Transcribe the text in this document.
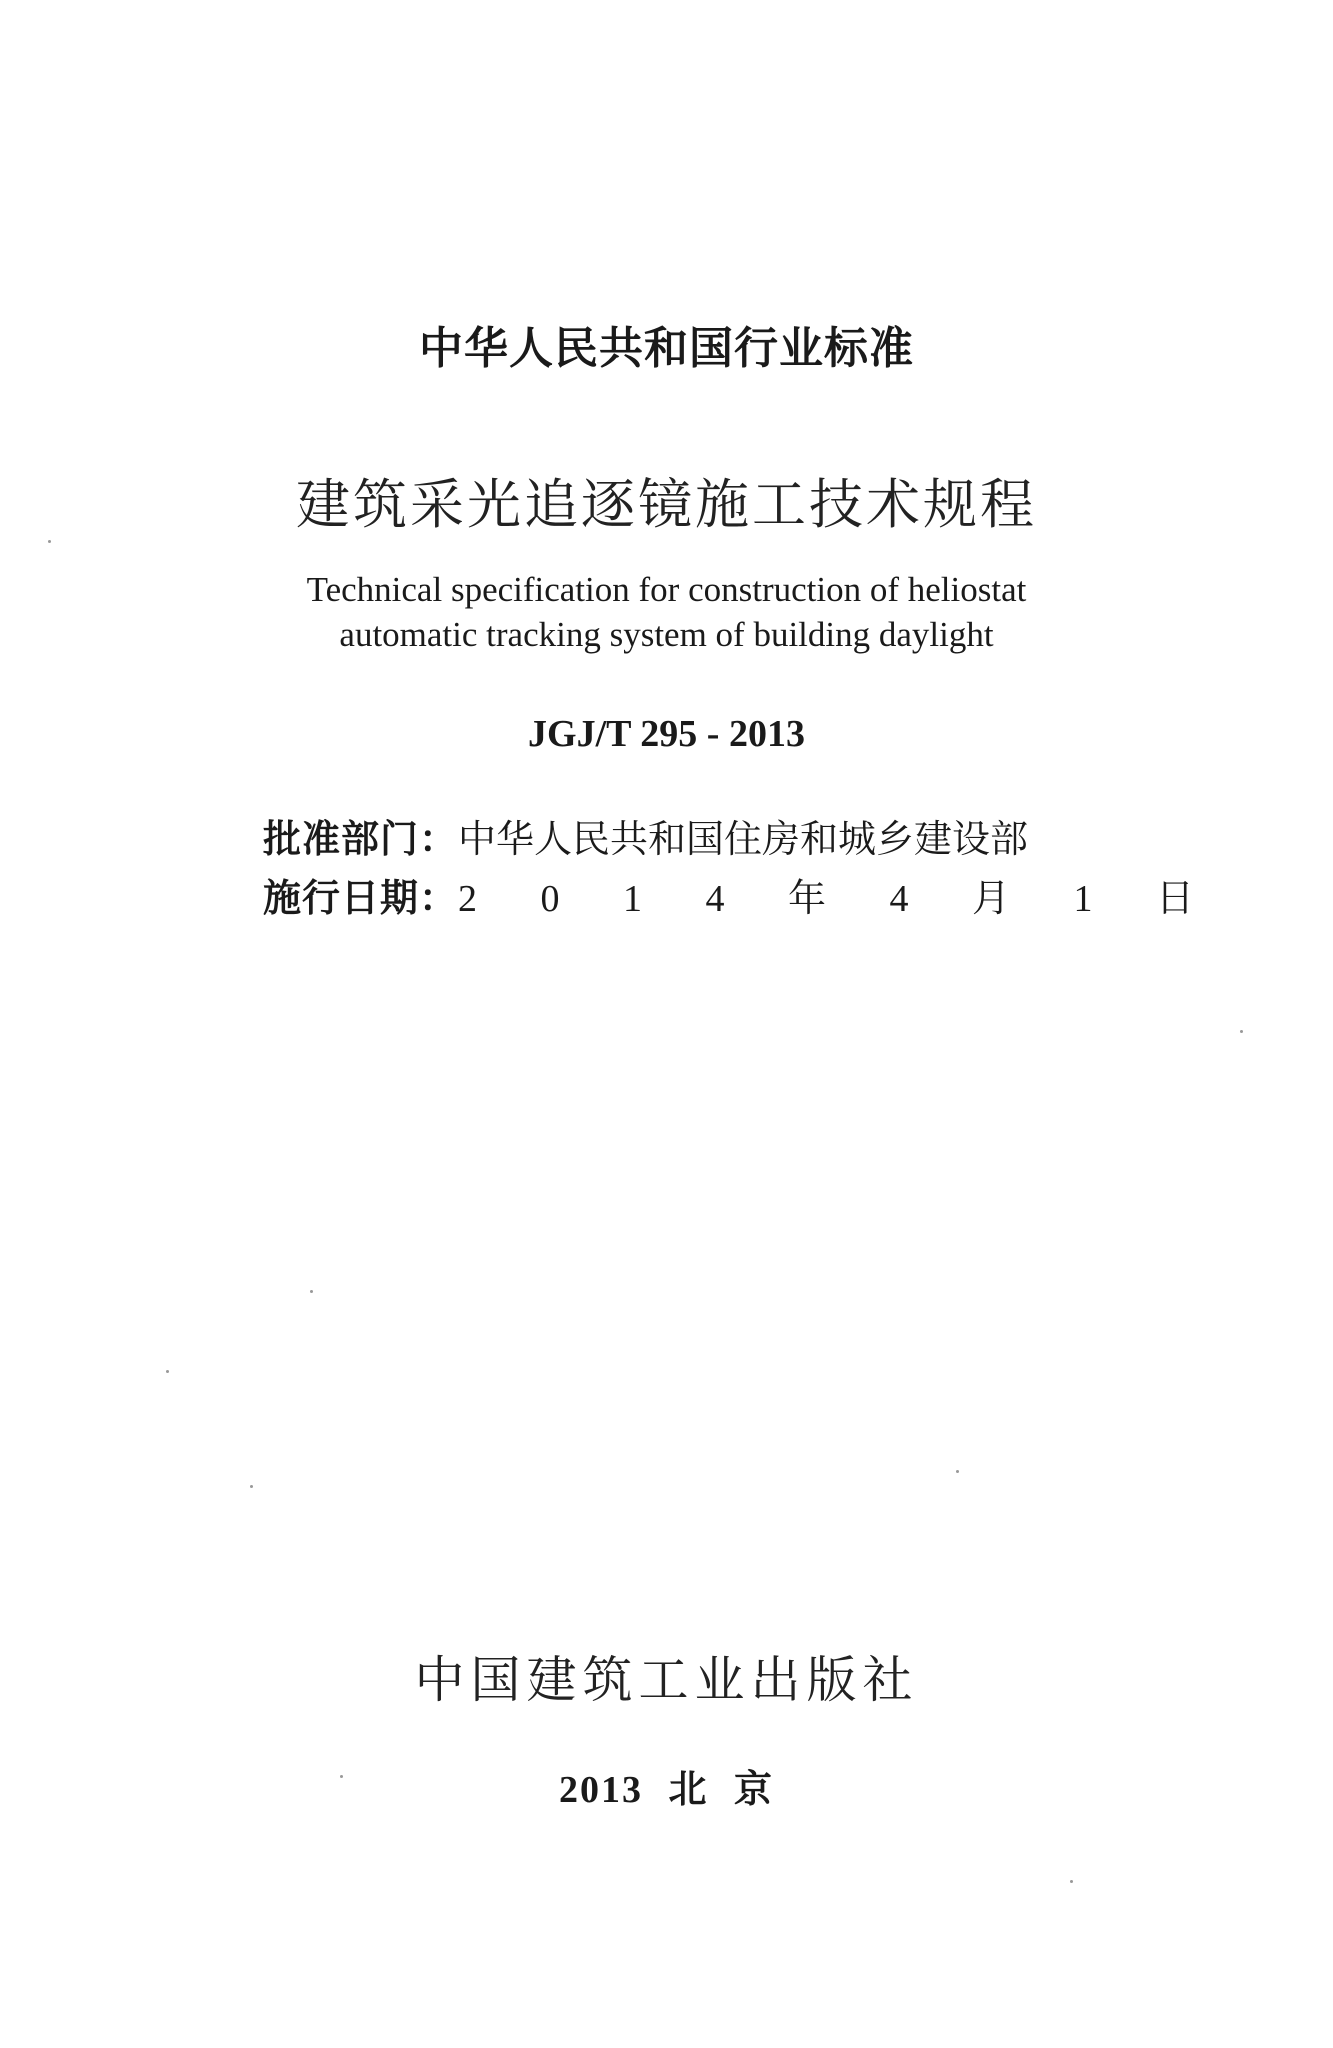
中华人民共和国行业标准
建筑采光追逐镜施工技术规程
Technical specification for construction of heliostat
automatic tracking system of building daylight
JGJ/T 295 - 2013
批准部门：中华人民共和国住房和城乡建设部
施行日期：2 0 1 4 年 4 月 1 日
中国建筑工业出版社
2013 北 京
